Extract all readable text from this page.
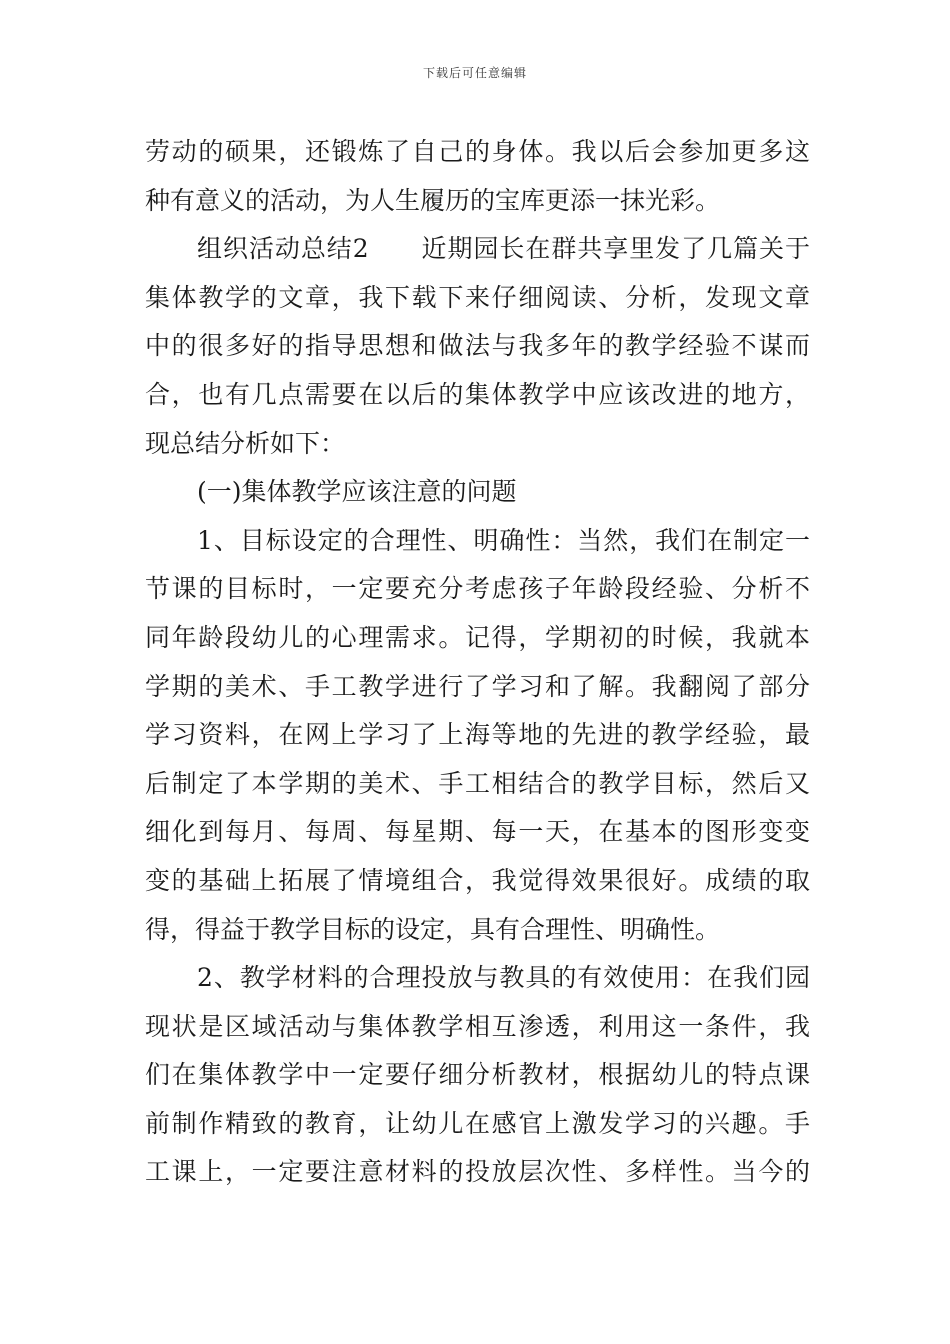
下载后可任意编辑
劳动的硕果，还锻炼了自己的身体。我以后会参加更多这
种有意义的活动，为人生履历的宝库更添一抹光彩。
组织活动总结2　　近期园长在群共享里发了几篇关于
集体教学的文章，我下载下来仔细阅读、分析，发现文章
中的很多好的指导思想和做法与我多年的教学经验不谋而
合，也有几点需要在以后的集体教学中应该改进的地方，
现总结分析如下：
(一)集体教学应该注意的问题
1、目标设定的合理性、明确性：当然，我们在制定一
节课的目标时，一定要充分考虑孩子年龄段经验、分析不
同年龄段幼儿的心理需求。记得，学期初的时候，我就本
学期的美术、手工教学进行了学习和了解。我翻阅了部分
学习资料，在网上学习了上海等地的先进的教学经验，最
后制定了本学期的美术、手工相结合的教学目标，然后又
细化到每月、每周、每星期、每一天，在基本的图形变变
变的基础上拓展了情境组合，我觉得效果很好。成绩的取
得，得益于教学目标的设定，具有合理性、明确性。
2、教学材料的合理投放与教具的有效使用：在我们园
现状是区域活动与集体教学相互渗透，利用这一条件，我
们在集体教学中一定要仔细分析教材，根据幼儿的特点课
前制作精致的教育，让幼儿在感官上激发学习的兴趣。手
工课上，一定要注意材料的投放层次性、多样性。当今的
